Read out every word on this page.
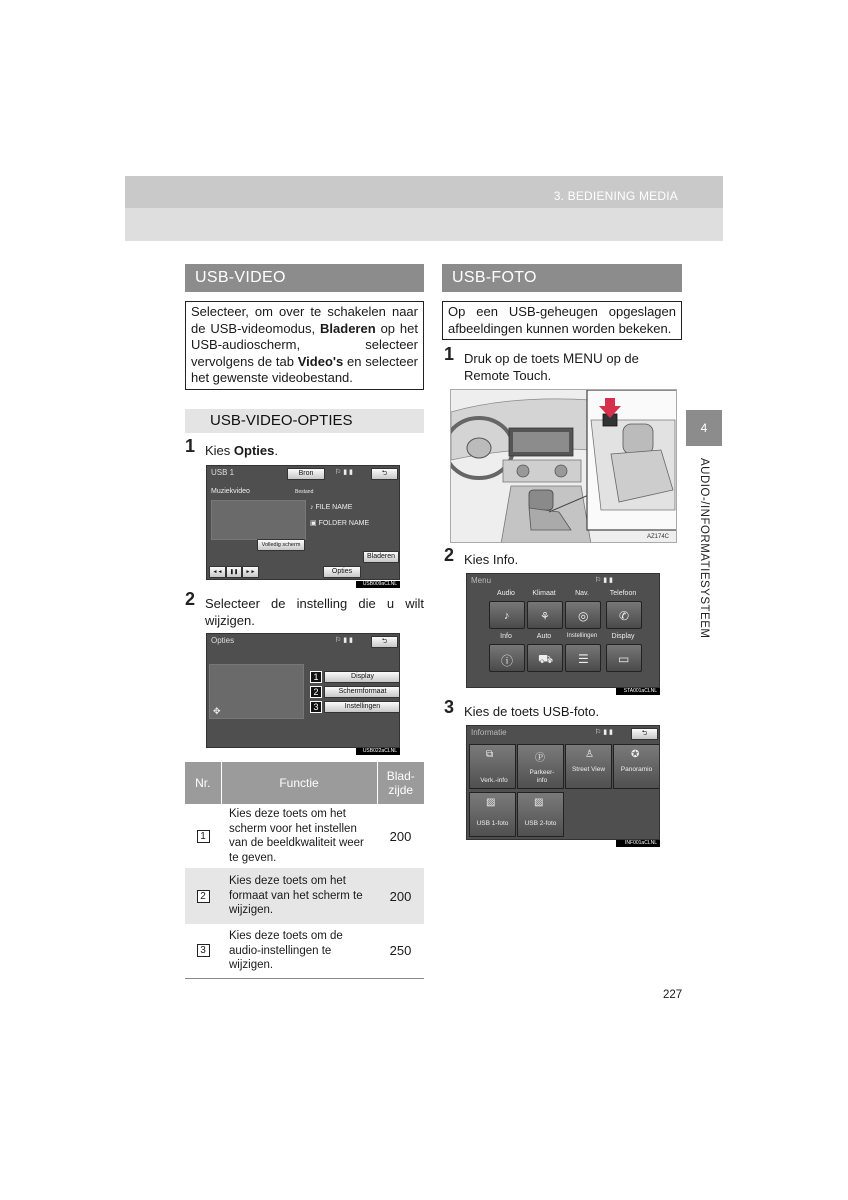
3. BEDIENING MEDIA
4
AUDIO-/INFORMATIESYSTEEM
USB-VIDEO
Selecteer, om over te schakelen naar de USB-videomodus, Bladeren op het USB-audioscherm, selecteer vervolgens de tab Video's en selecteer het gewenste videobestand.
USB-VIDEO-OPTIES
1 Kies Opties.
USB 1	Bron	⚐ ▮ ▮	⮌
Muziekvideo	Bestand
♪ FILE NAME
▣ FOLDER NAME
Volledig scherm
Bladeren
◄◄	❚❚	►►	Opties
USB009aCLNL
2 Selecteer de instelling die u wilt wijzigen.
Opties	⚐ ▮ ▮	⮌
✥
1	Display
2	Schermformaat
3	Instellingen
USB022aCLNL
Nr.	Functie	Blad-zijde
1	Kies deze toets om het scherm voor het instellen van de beeldkwaliteit weer te geven.	200
2	Kies deze toets om het formaat van het scherm te wijzigen.	200
3	Kies deze toets om de audio-instellingen te wijzigen.	250
USB-FOTO
Op een USB-geheugen opgeslagen afbeeldingen kunnen worden bekeken.
1 Druk op de toets MENU op de Remote Touch.
AZ174C
2 Kies Info.
Menu	⚐ ▮ ▮
Audio	Klimaat	Nav.	Telefoon
♪	⚘ ◎	✆
Info	Auto	Instellingen	Display
ⓘ ⛟ ☰ ▭
STA001aCLNL
3 Kies de toets USB-foto.
Informatie	⚐ ▮ ▮	⮌
⧉
Verk.-info
Ⓟ
Parkeer-info
♙
Street View
✪
Panoramio
▨
USB 1-foto
▨
USB 2-foto
INF001aCLNL
227
